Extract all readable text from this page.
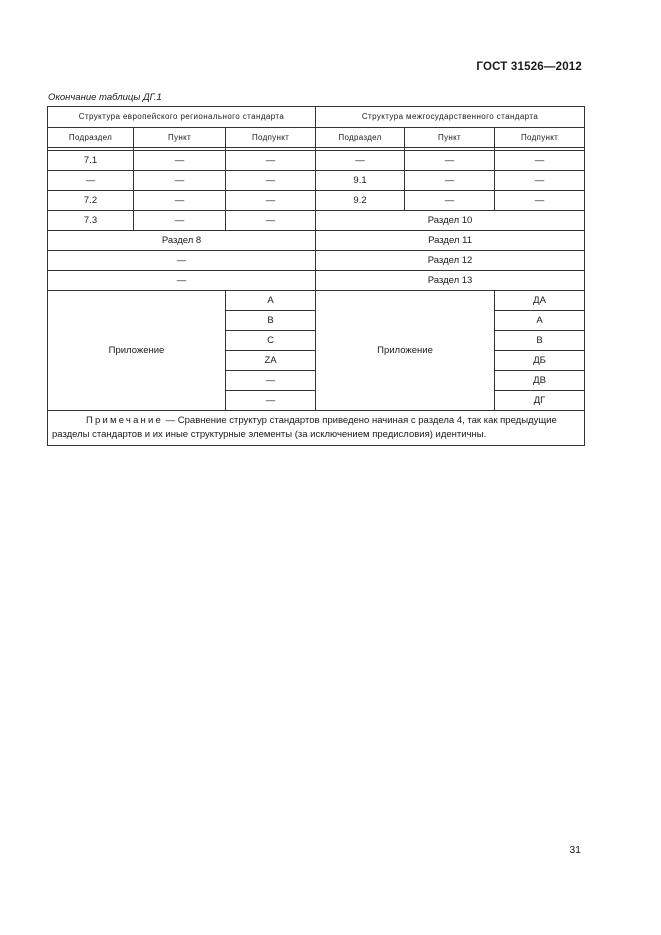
ГОСТ 31526—2012
Окончание таблицы ДГ.1
Структура европейского регионального стандарта			Структура межгосударственного стандарта		
Подраздел	Пункт	Подпункт	Подраздел	Пункт	Подпункт

7.1	—	—	—	—	—
—	—	—	9.1	—	—
7.2	—	—	9.2	—	—
7.3	—	—	Раздел 10		
Раздел 8			Раздел 11		
—			Раздел 12		
—			Раздел 13		
Приложение		A	Приложение		ДА
		B			А
		C			В
		ZA			ДБ
		—			ДВ
		—			ДГ
Примечание — Сравнение структур стандартов приведено начиная с раздела 4, так как предыдущие разделы стандартов и их иные структурные элементы (за исключением предисловия) идентичны.					
31
